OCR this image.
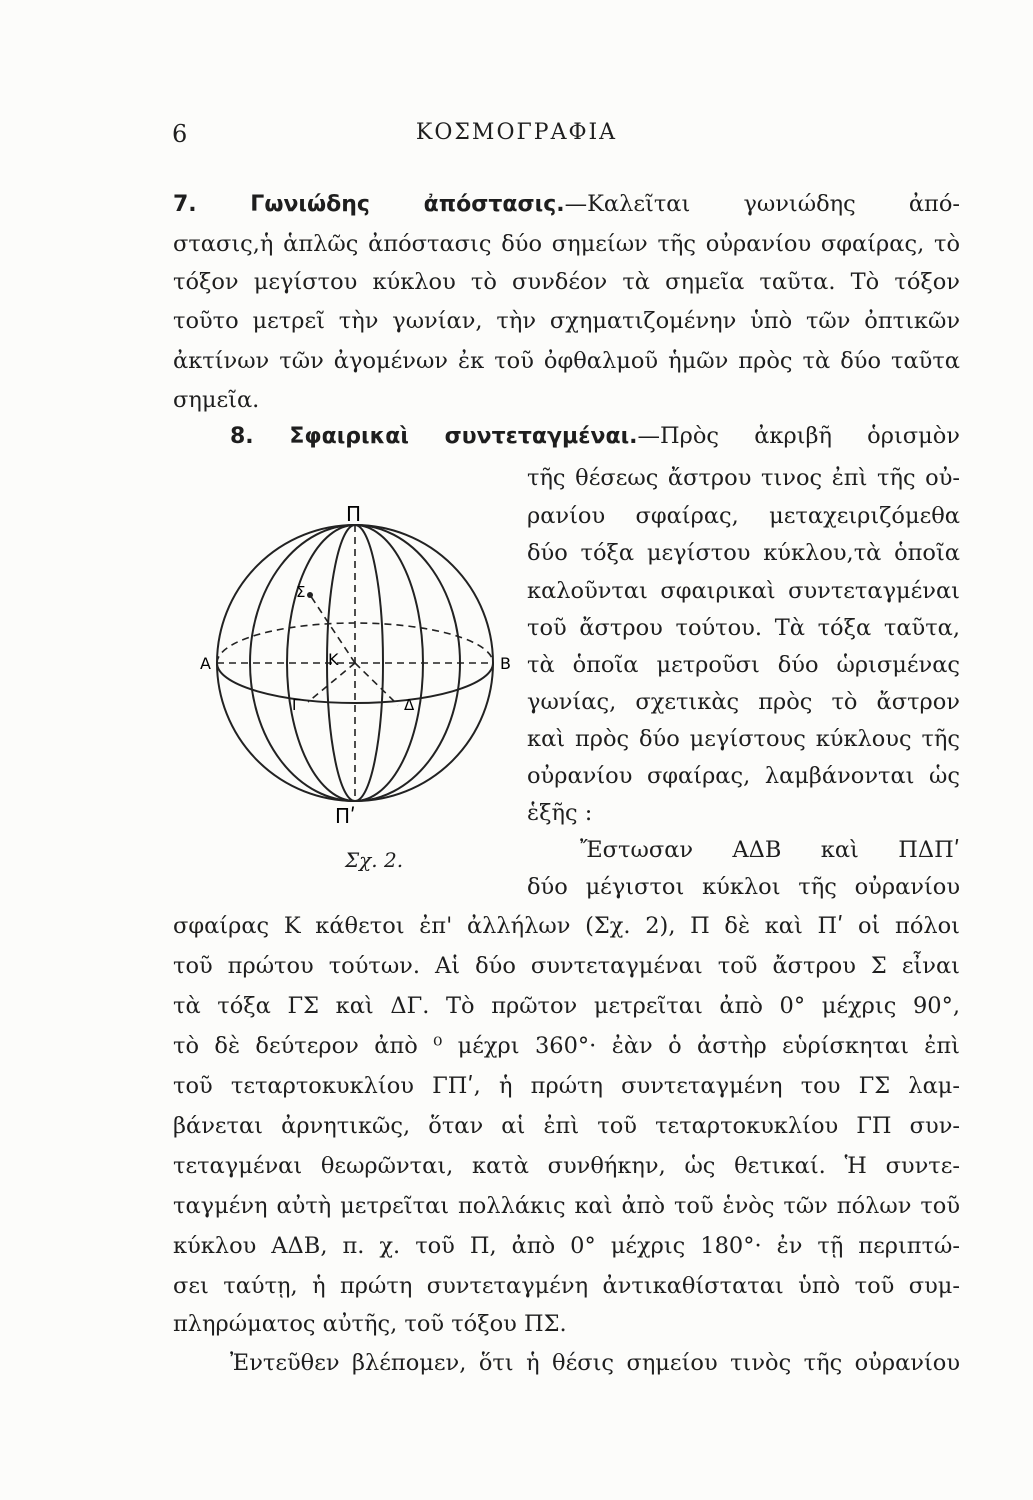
6	ΚΟΣΜΟΓΡΑΦΙΑ
7. Γωνιώδης ἀπόστασις.—Καλεῖται γωνιώδης ἀπό-
στασις,ἡ ἁπλῶς ἀπόστασις δύο σημείων τῆς οὐρανίου σφαίρας, τὸ
τόξον μεγίστου κύκλου τὸ συνδέον τὰ σημεῖα ταῦτα. Τὸ τόξον
τοῦτο μετρεῖ τὴν γωνίαν, τὴν σχηματιζομένην ὑπὸ τῶν ὀπτικῶν
ἀκτίνων τῶν ἀγομένων ἐκ τοῦ ὀφθαλμοῦ ἡμῶν πρὸς τὰ δύο ταῦτα
σημεῖα.
8. Σφαιρικαὶ συντεταγμέναι.—Πρὸς ἀκριβῆ ὁρισμὸν
τῆς θέσεως ἄστρου τινος ἐπὶ τῆς οὐ-
ρανίου σφαίρας, μεταχειριζόμεθα
δύο τόξα μεγίστου κύκλου,τὰ ὁποῖα
καλοῦνται σφαιρικαὶ συντεταγμέναι
τοῦ ἄστρου τούτου. Τὰ τόξα ταῦτα,
τὰ ὁποῖα μετροῦσι δύο ὡρισμένας
γωνίας, σχετικὰς πρὸς τὸ ἄστρον
καὶ πρὸς δύο μεγίστους κύκλους τῆς
οὐρανίου σφαίρας, λαμβάνονται ὡς
ἑξῆς :
Ἔστωσαν ΑΔΒ καὶ ΠΔΠʹ
δύο μέγιστοι κύκλοι τῆς οὐρανίου
σφαίρας Κ κάθετοι ἐπ' ἀλλήλων (Σχ. 2), Π δὲ καὶ Πʹ οἱ πόλοι
τοῦ πρώτου τούτων. Αἱ δύο συντεταγμέναι τοῦ ἄστρου Σ εἶναι
τὰ τόξα ΓΣ καὶ ΔΓ. Τὸ πρῶτον μετρεῖται ἀπὸ 0° μέχρις 90°,
τὸ δὲ δεύτερον ἀπὸ ⁰ μέχρι 360°· ἐὰν ὁ ἀστὴρ εὑρίσκηται ἐπὶ
τοῦ τεταρτοκυκλίου ΓΠʹ, ἡ πρώτη συντεταγμένη του ΓΣ λαμ-
βάνεται ἀρνητικῶς, ὅταν αἱ ἐπὶ τοῦ τεταρτοκυκλίου ΓΠ συν-
τεταγμέναι θεωρῶνται, κατὰ συνθήκην, ὡς θετικαί. Ἡ συντε-
ταγμένη αὐτὴ μετρεῖται πολλάκις καὶ ἀπὸ τοῦ ἑνὸς τῶν πόλων τοῦ
κύκλου ΑΔΒ, π. χ. τοῦ Π, ἀπὸ 0° μέχρις 180°· ἐν τῇ περιπτώ-
σει ταύτῃ, ἡ πρώτη συντεταγμένη ἀντικαθίσταται ὑπὸ τοῦ συμ-
πληρώματος αὐτῆς, τοῦ τόξου ΠΣ.
Ἐντεῦθεν βλέπομεν, ὅτι ἡ θέσις σημείου τινὸς τῆς οὐρανίου
Π
Πʹ
Α	Β
Κ
Σ
Γ	Δ
Σχ. 2.
